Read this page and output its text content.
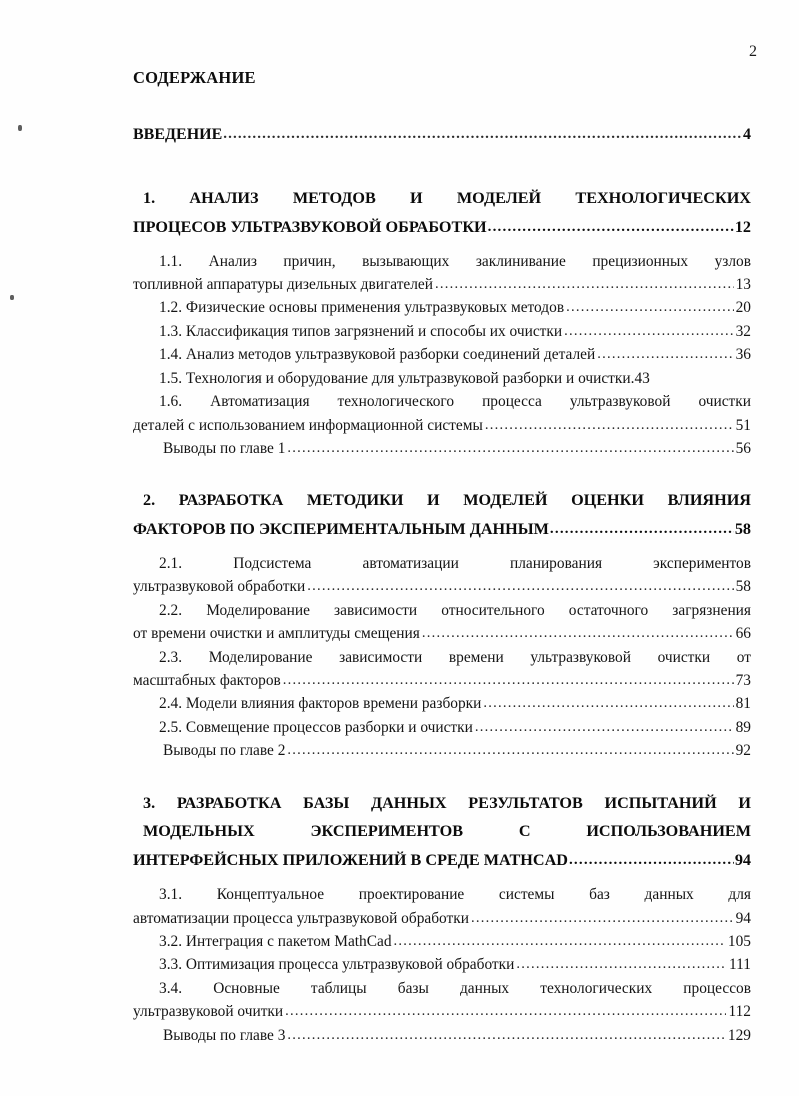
2
СОДЕРЖАНИЕ
ВВЕДЕНИЕ .....	4
1. АНАЛИЗ МЕТОДОВ И МОДЕЛЕЙ ТЕХНОЛОГИЧЕСКИХ
ПРОЦЕСОВ УЛЬТРАЗВУКОВОЙ ОБРАБОТКИ .....	12
1.1. Анализ причин, вызывающих заклинивание прецизионных узлов
топливной аппаратуры дизельных двигателей .....	13
1.2. Физические основы применения ультразвуковых методов .....	20
1.3. Классификация типов загрязнений и способы их очистки .....	32
1.4. Анализ методов ультразвуковой разборки соединений деталей .....	36
1.5. Технология и оборудование для ультразвуковой разборки и очистки. 43
1.6. Автоматизация технологического процесса ультразвуковой очистки
деталей с использованием информационной системы .....	51
Выводы по главе 1 .....	56
2. РАЗРАБОТКА МЕТОДИКИ И МОДЕЛЕЙ ОЦЕНКИ ВЛИЯНИЯ
ФАКТОРОВ ПО ЭКСПЕРИМЕНТАЛЬНЫМ ДАННЫМ .....	58
2.1. Подсистема автоматизации планирования экспериментов
ультразвуковой обработки .....	58
2.2. Моделирование зависимости относительного остаточного загрязнения
от времени очистки и амплитуды смещения .....	66
2.3. Моделирование зависимости времени ультразвуковой очистки от
масштабных факторов .....	73
2.4. Модели влияния факторов времени разборки .....	81
2.5. Совмещение процессов разборки и очистки .....	89
Выводы по главе 2 .....	92
3. РАЗРАБОТКА БАЗЫ ДАННЫХ РЕЗУЛЬТАТОВ ИСПЫТАНИЙ И
МОДЕЛЬНЫХ ЭКСПЕРИМЕНТОВ С ИСПОЛЬЗОВАНИЕМ
ИНТЕРФЕЙСНЫХ ПРИЛОЖЕНИЙ В СРЕДЕ MATHCAD .....	94
3.1. Концептуальное проектирование системы баз данных для
автоматизации процесса ультразвуковой обработки .....	94
3.2. Интеграция с пакетом MathCad .....	105
3.3. Оптимизация процесса ультразвуковой обработки .....	111
3.4. Основные таблицы базы данных технологических процессов
ультразвуковой очитки .....	112
Выводы по главе 3 .....	129
